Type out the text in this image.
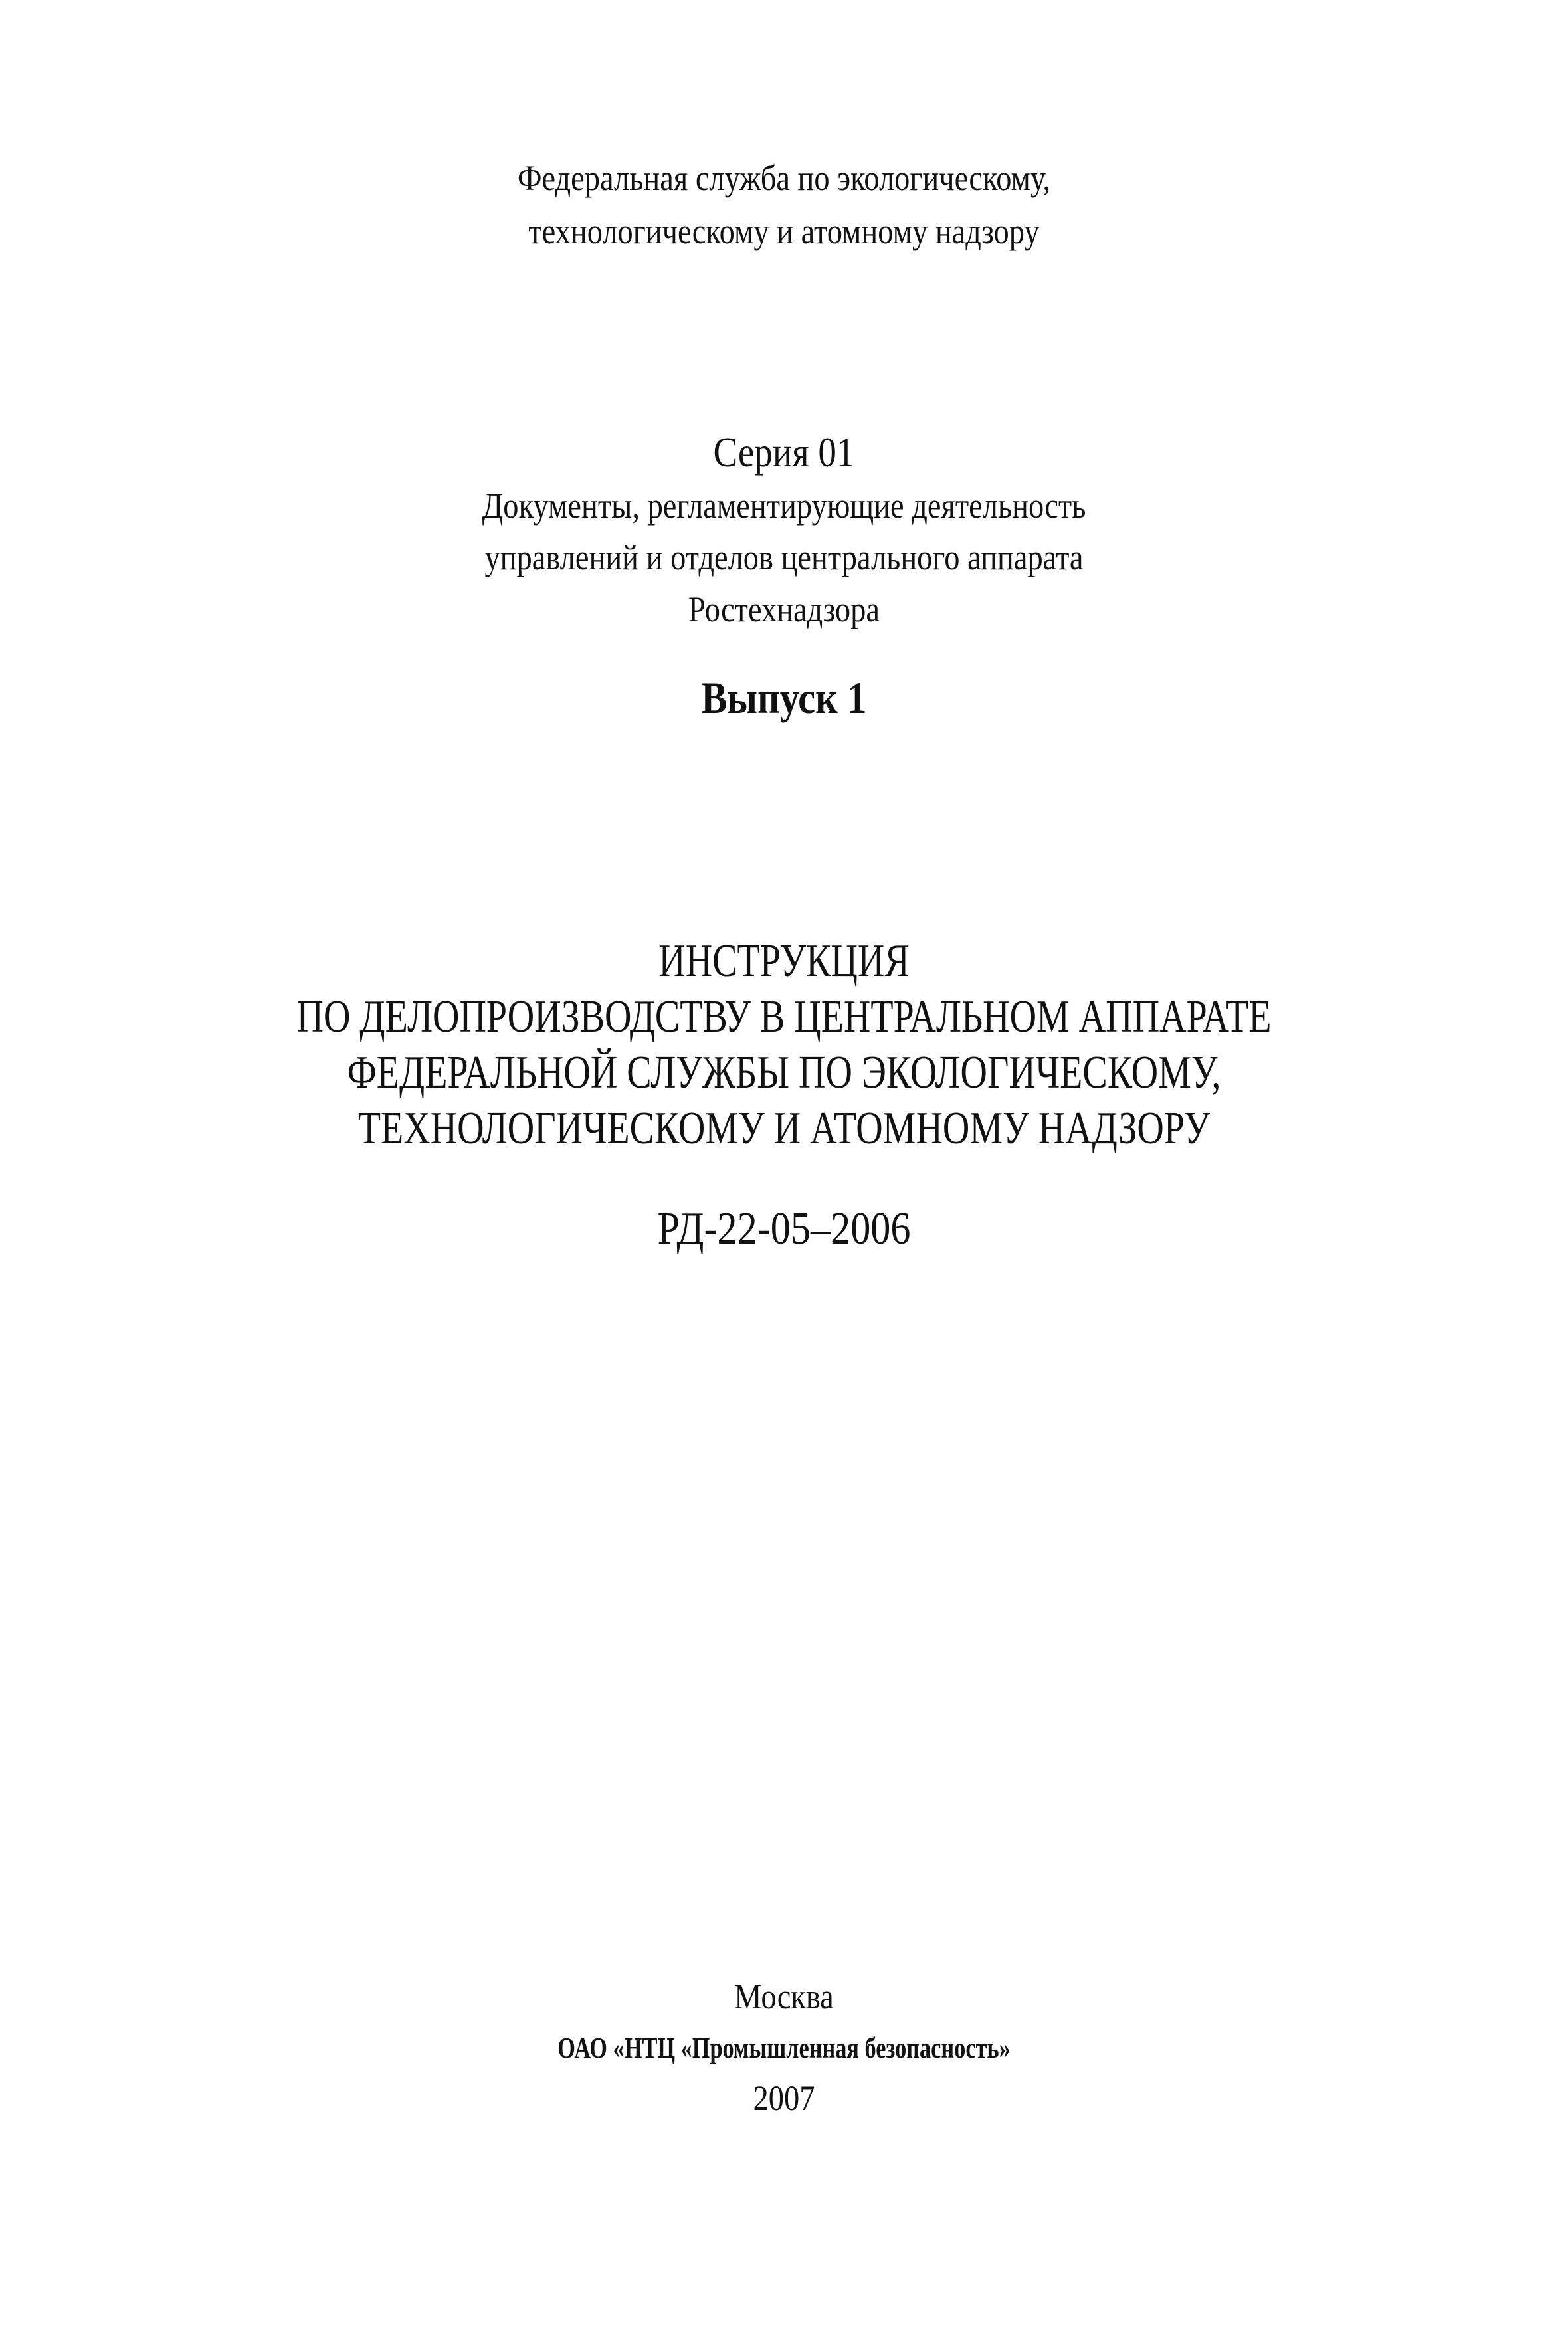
Федеральная служба по экологическому,
технологическому и атомному надзору
Серия 01
Документы, регламентирующие деятельность
управлений и отделов центрального аппарата
Ростехнадзора
Выпуск 1
ИНСТРУКЦИЯ
ПО ДЕЛОПРОИЗВОДСТВУ В ЦЕНТРАЛЬНОМ АППАРАТЕ
ФЕДЕРАЛЬНОЙ СЛУЖБЫ ПО ЭКОЛОГИЧЕСКОМУ,
ТЕХНОЛОГИЧЕСКОМУ И АТОМНОМУ НАДЗОРУ
РД-22-05–2006
Москва
ОАО «НТЦ «Промышленная безопасность»
2007
